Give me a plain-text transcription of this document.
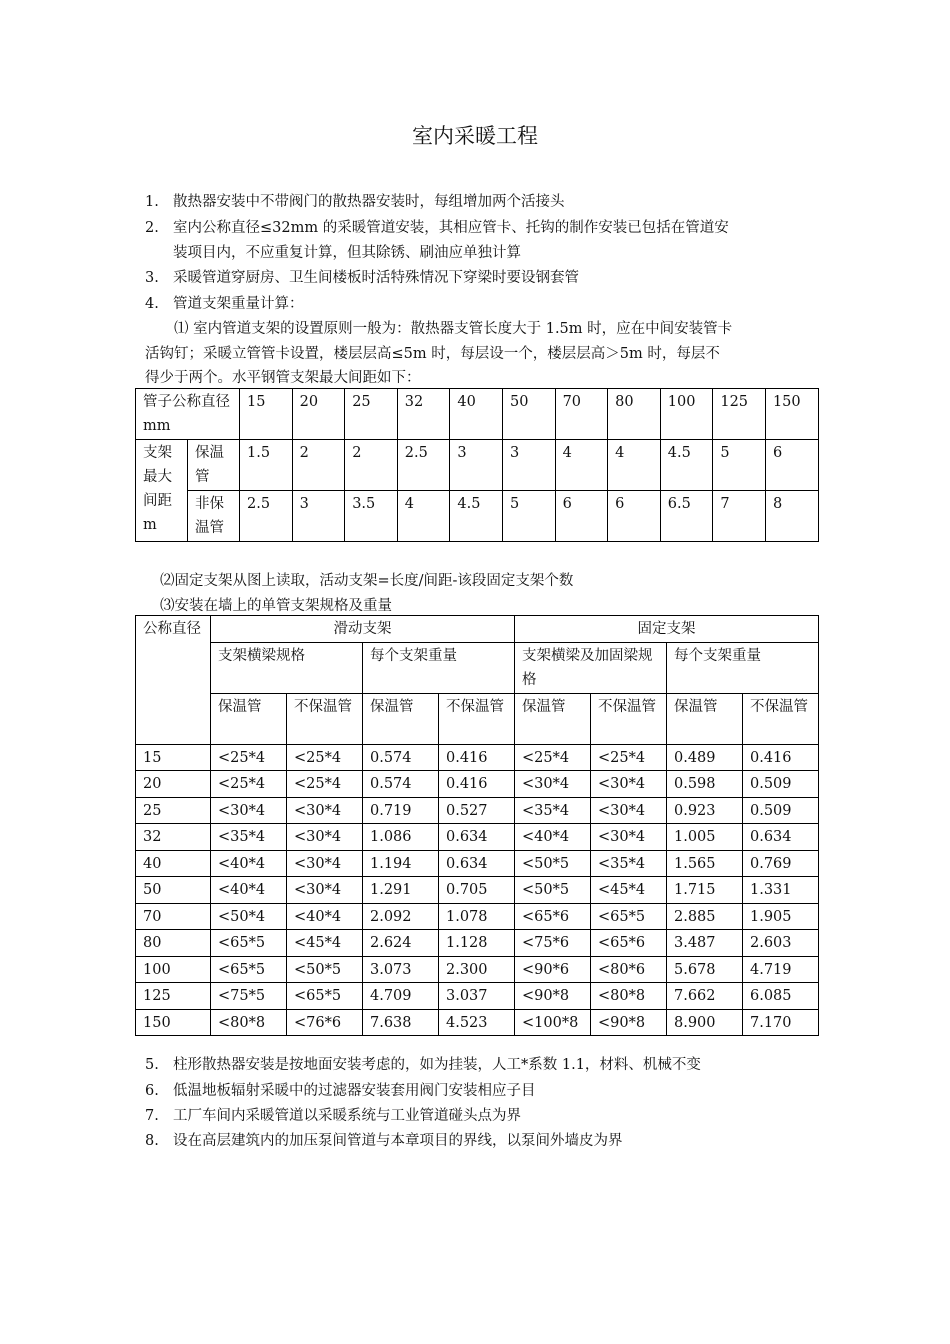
室内采暖工程
1. 散热器安装中不带阀门的散热器安装时，每组增加两个活接头
2. 室内公称直径≤32mm 的采暖管道安装，其相应管卡、托钩的制作安装已包括在管道安
装项目内，不应重复计算，但其除锈、刷油应单独计算
3. 采暖管道穿厨房、卫生间楼板时活特殊情况下穿梁时要设钢套管
4. 管道支架重量计算：
⑴ 室内管道支架的设置原则一般为：散热器支管长度大于 1.5m 时，应在中间安装管卡
活钩钉；采暖立管管卡设置，楼层层高≤5m 时，每层设一个，楼层层高＞5m 时，每层不
得少于两个。水平钢管支架最大间距如下：
管子公称直径 mm		15	20	25	32	40	50	70	80	100	125	150
支架最大间距m	保温管	1.5	2	2	2.5	3	3	4	4	4.5	5	6
	非保温管	2.5	3	3.5	4	4.5	5	6	6	6.5	7	8
⑵固定支架从图上读取，活动支架=长度/间距-该段固定支架个数
⑶安装在墙上的单管支架规格及重量
公称直径	滑动支架				固定支架			
	支架横梁规格		每个支架重量		支架横梁及加固梁规格		每个支架重量	
	保温管	不保温管	保温管	不保温管	保温管	不保温管	保温管	不保温管
15	<25*4	<25*4	0.574	0.416	<25*4	<25*4	0.489	0.416
20	<25*4	<25*4	0.574	0.416	<30*4	<30*4	0.598	0.509
25	<30*4	<30*4	0.719	0.527	<35*4	<30*4	0.923	0.509
32	<35*4	<30*4	1.086	0.634	<40*4	<30*4	1.005	0.634
40	<40*4	<30*4	1.194	0.634	<50*5	<35*4	1.565	0.769
50	<40*4	<30*4	1.291	0.705	<50*5	<45*4	1.715	1.331
70	<50*4	<40*4	2.092	1.078	<65*6	<65*5	2.885	1.905
80	<65*5	<45*4	2.624	1.128	<75*6	<65*6	3.487	2.603
100	<65*5	<50*5	3.073	2.300	<90*6	<80*6	5.678	4.719
125	<75*5	<65*5	4.709	3.037	<90*8	<80*8	7.662	6.085
150	<80*8	<76*6	7.638	4.523	<100*8	<90*8	8.900	7.170
5. 柱形散热器安装是按地面安装考虑的，如为挂装，人工*系数 1.1，材料、机械不变
6. 低温地板辐射采暖中的过滤器安装套用阀门安装相应子目
7. 工厂车间内采暖管道以采暖系统与工业管道碰头点为界
8. 设在高层建筑内的加压泵间管道与本章项目的界线，以泵间外墙皮为界
